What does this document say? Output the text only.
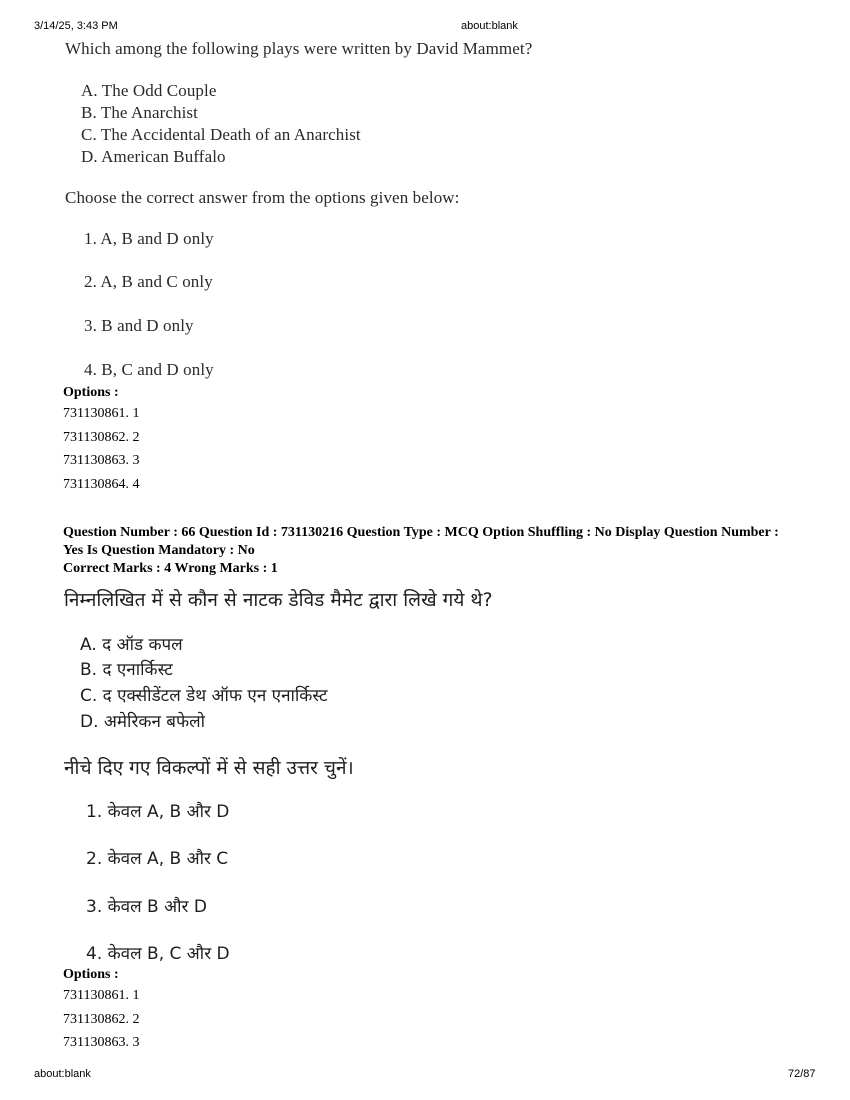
3/14/25, 3:43 PM	about:blank
Which among the following plays were written by David Mammet?
A. The Odd Couple
B. The Anarchist
C. The Accidental Death of an Anarchist
D. American Buffalo
Choose the correct answer from the options given below:
1. A, B and D only
2. A, B and C only
3. B and D only
4. B, C and D only
Options :
731130861. 1
731130862. 2
731130863. 3
731130864. 4
Question Number : 66 Question Id : 731130216 Question Type : MCQ Option Shuffling : No Display Question Number : Yes Is Question Mandatory : No
Correct Marks : 4 Wrong Marks : 1
निम्नलिखित में से कौन से नाटक डेविड मैमेट द्वारा लिखे गये थे?
A. द ऑड कपल
B. द एनार्किस्ट
C. द एक्सीडेंटल डेथ ऑफ एन एनार्किस्ट
D. अमेरिकन बफेलो
नीचे दिए गए विकल्पों में से सही उत्तर चुनें।
1. केवल A, B और D
2. केवल A, B और C
3. केवल B और D
4. केवल B, C और D
Options :
731130861. 1
731130862. 2
731130863. 3
about:blank	72/87
